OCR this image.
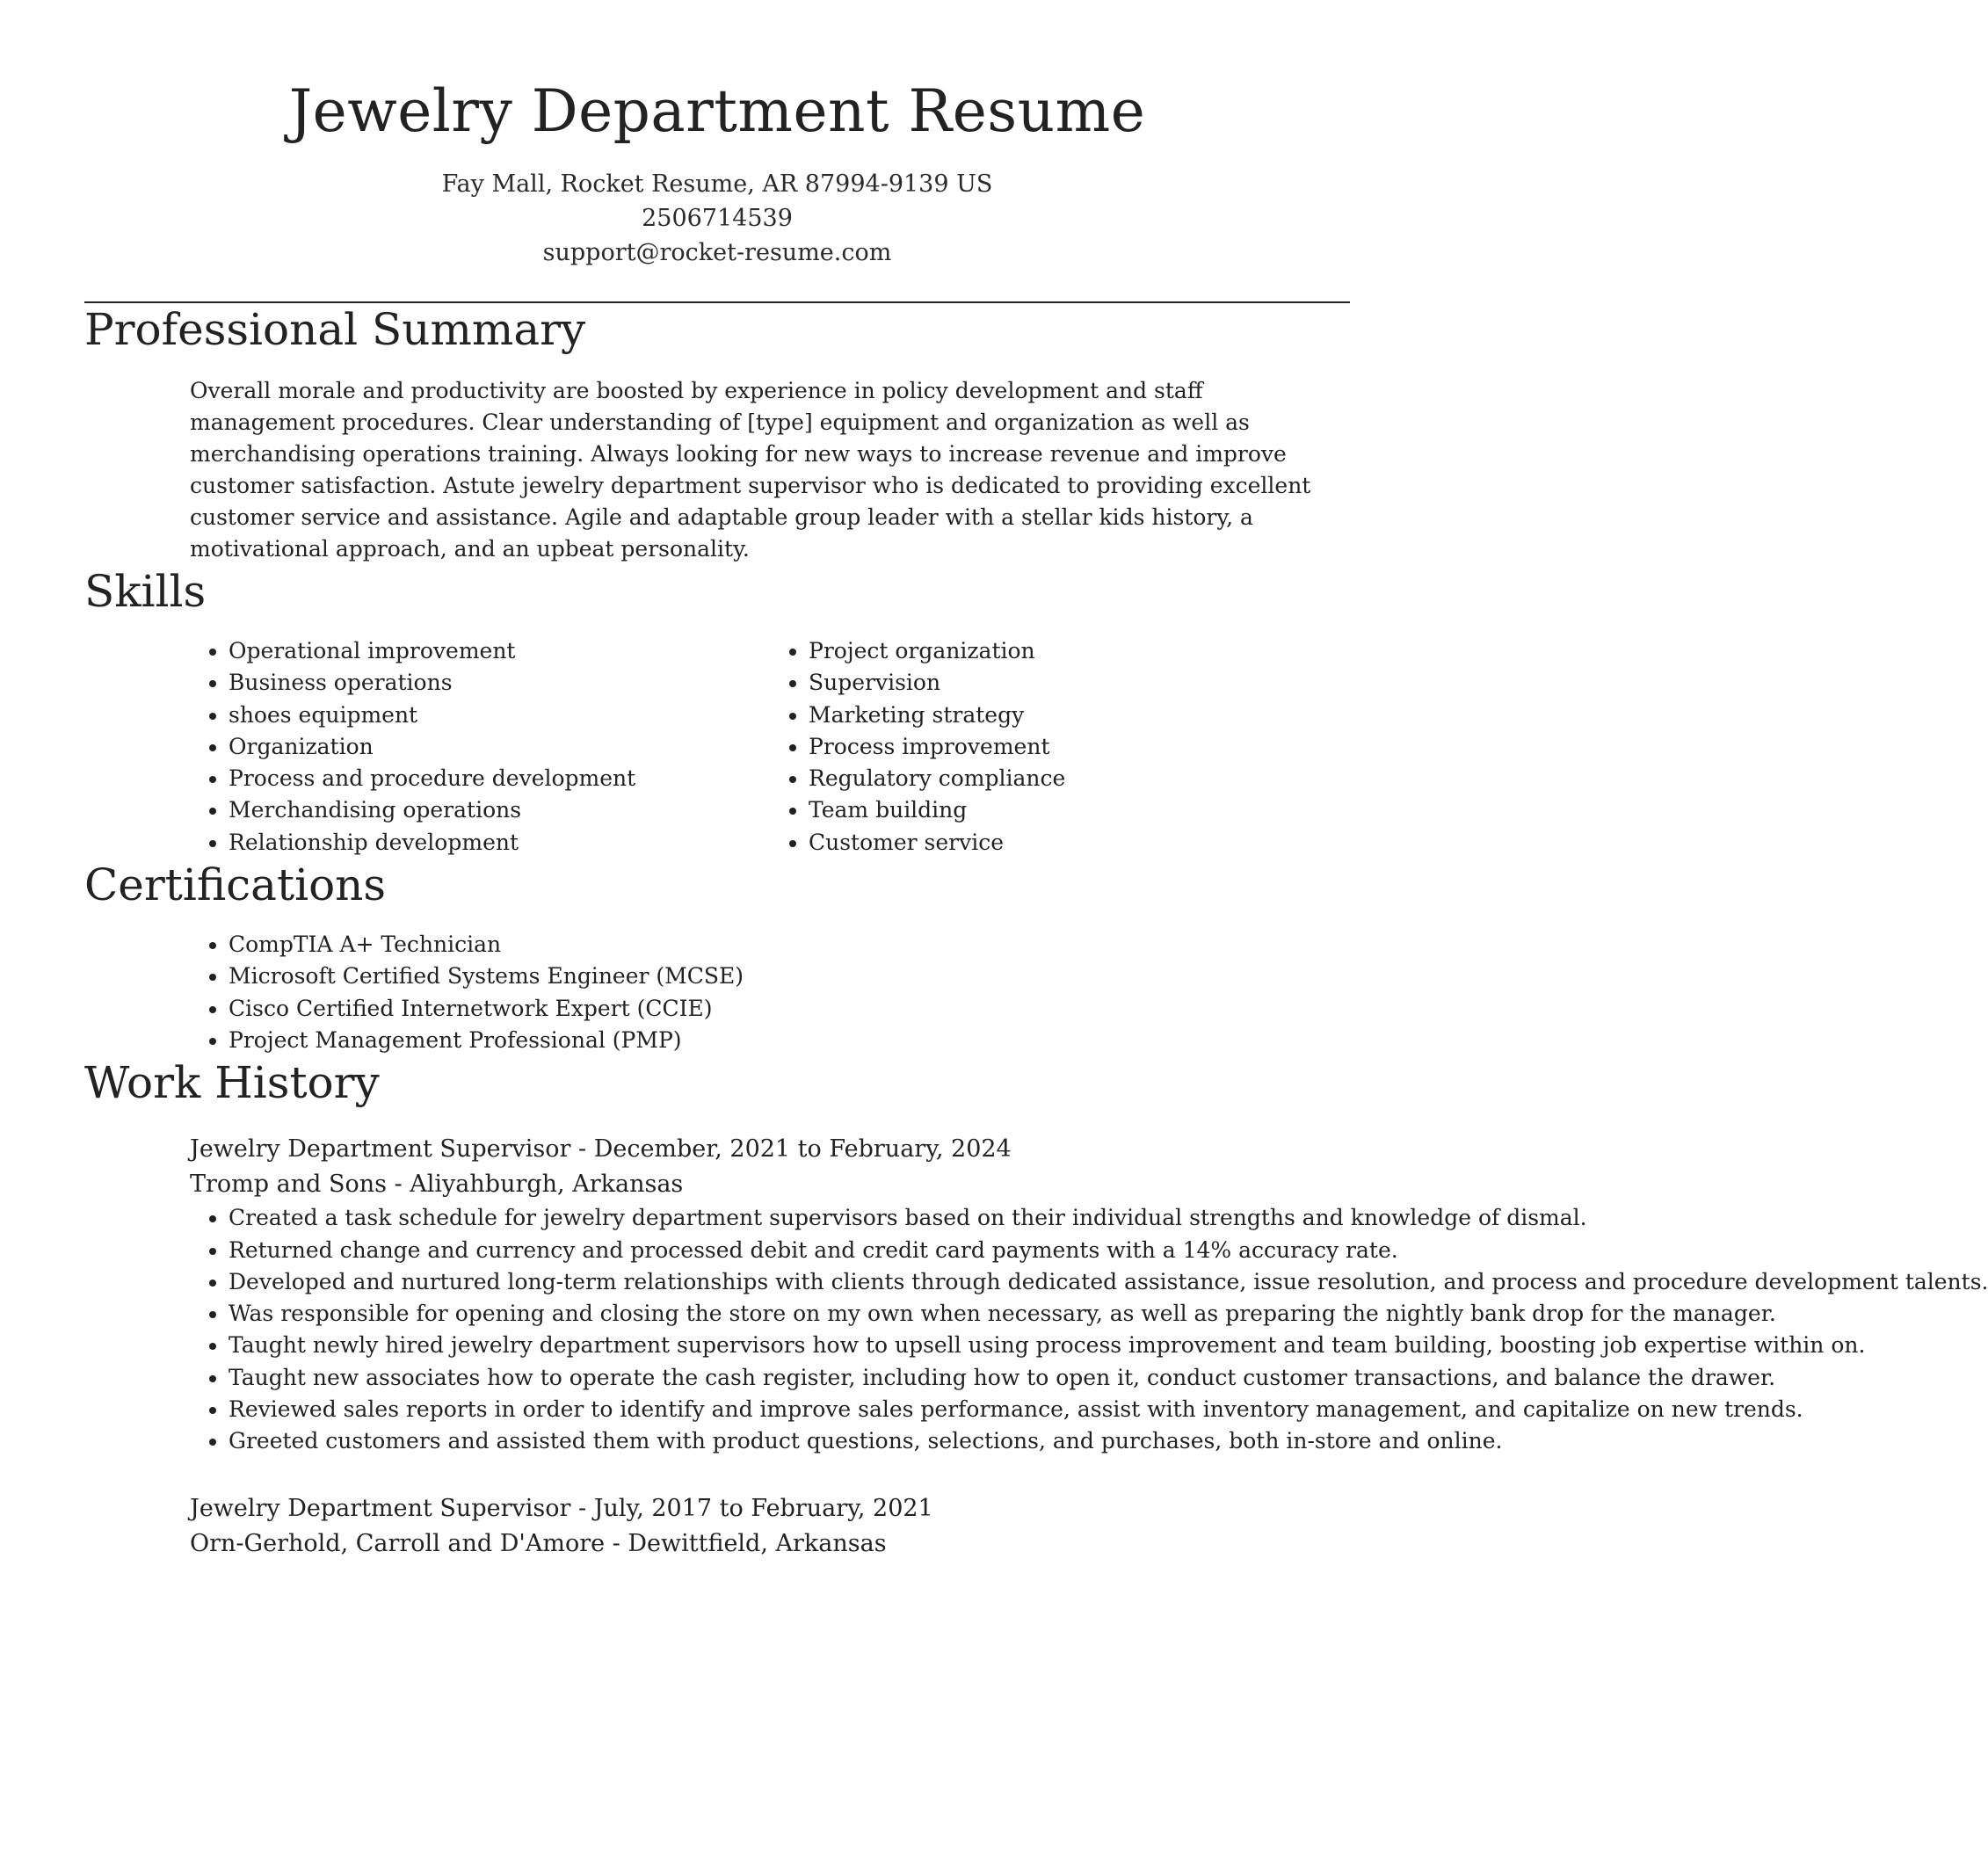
Jewelry Department Resume
Fay Mall, Rocket Resume, AR 87994-9139 US
2506714539
support@rocket-resume.com
Professional Summary

Overall morale and productivity are boosted by experience in policy development and staff management procedures. Clear understanding of [type] equipment and organization as well as merchandising operations training. Always looking for new ways to increase revenue and improve customer satisfaction. Astute jewelry department supervisor who is dedicated to providing excellent customer service and assistance. Agile and adaptable group leader with a stellar kids history, a motivational approach, and an upbeat personality.

Skills
• Operational improvement
• Business operations
• shoes equipment
• Organization
• Process and procedure development
• Merchandising operations
• Relationship development
• Project organization
• Supervision
• Marketing strategy
• Process improvement
• Regulatory compliance
• Team building
• Customer service
Certifications
• CompTIA A+ Technician
• Microsoft Certified Systems Engineer (MCSE)
• Cisco Certified Internetwork Expert (CCIE)
• Project Management Professional (PMP)
Work History
Jewelry Department Supervisor - December, 2021 to February, 2024
Tromp and Sons - Aliyahburgh, Arkansas
• Created a task schedule for jewelry department supervisors based on their individual strengths and knowledge of dismal.
• Returned change and currency and processed debit and credit card payments with a 14% accuracy rate.
• Developed and nurtured long-term relationships with clients through dedicated assistance, issue resolution, and process and procedure development talents.
• Was responsible for opening and closing the store on my own when necessary, as well as preparing the nightly bank drop for the manager.
• Taught newly hired jewelry department supervisors how to upsell using process improvement and team building, boosting job expertise within on.
• Taught new associates how to operate the cash register, including how to open it, conduct customer transactions, and balance the drawer.
• Reviewed sales reports in order to identify and improve sales performance, assist with inventory management, and capitalize on new trends.
• Greeted customers and assisted them with product questions, selections, and purchases, both in-store and online.
Jewelry Department Supervisor - July, 2017 to February, 2021
Orn-Gerhold, Carroll and D'Amore - Dewittfield, Arkansas
